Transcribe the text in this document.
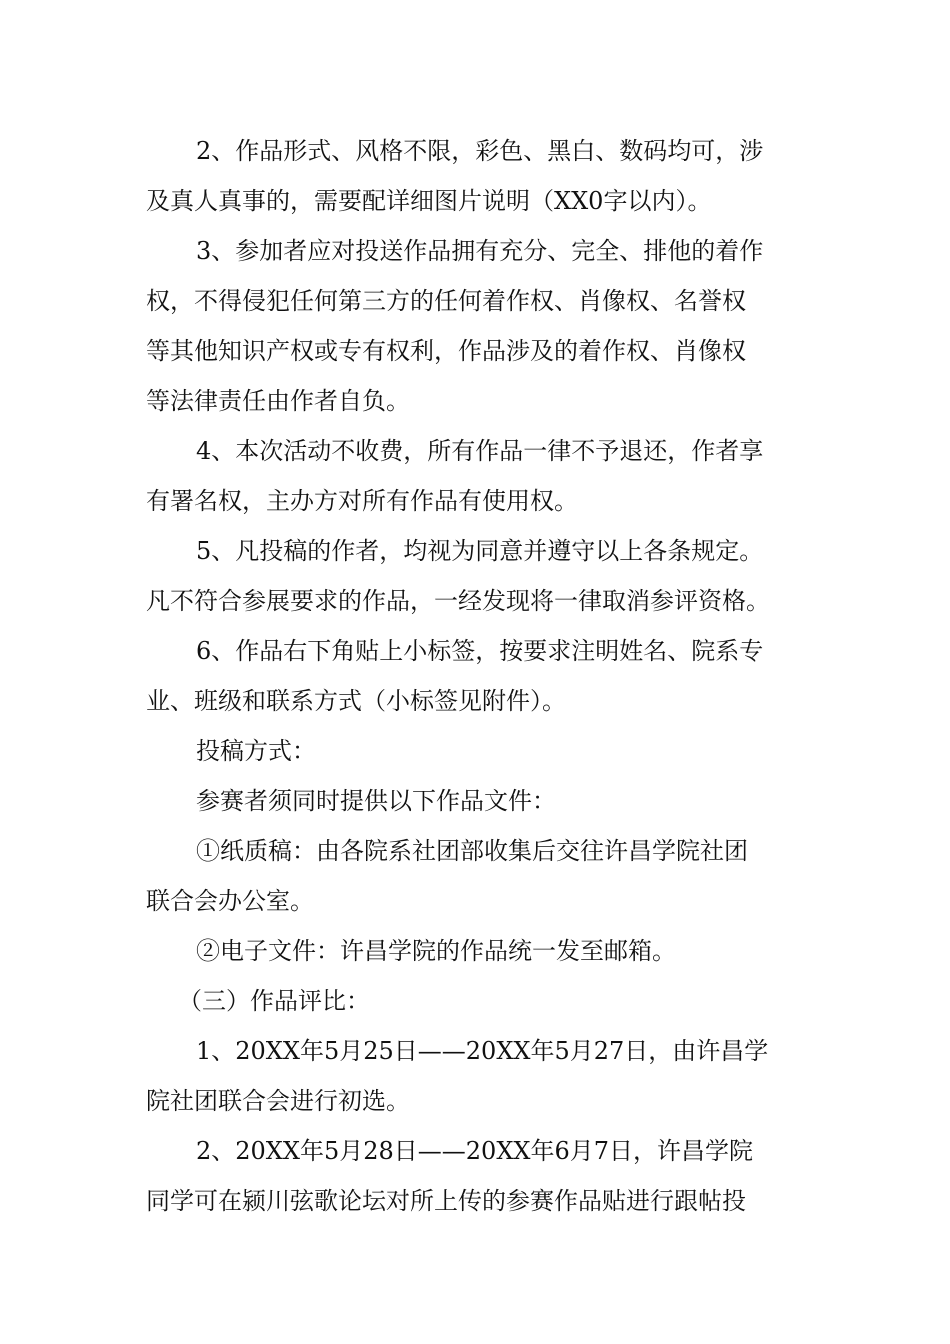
2、作品形式、风格不限，彩色、黑白、数码均可，涉
及真人真事的，需要配详细图片说明（XX0字以内）。
3、参加者应对投送作品拥有充分、完全、排他的着作
权，不得侵犯任何第三方的任何着作权、肖像权、名誉权
等其他知识产权或专有权利，作品涉及的着作权、肖像权
等法律责任由作者自负。
4、本次活动不收费，所有作品一律不予退还，作者享
有署名权，主办方对所有作品有使用权。
5、凡投稿的作者，均视为同意并遵守以上各条规定。
凡不符合参展要求的作品，一经发现将一律取消参评资格。
6、作品右下角贴上小标签，按要求注明姓名、院系专
业、班级和联系方式（小标签见附件）。
投稿方式：
参赛者须同时提供以下作品文件：
①纸质稿：由各院系社团部收集后交往许昌学院社团
联合会办公室。
②电子文件：许昌学院的作品统一发至邮箱。
（三）作品评比：
1、20XX年5月25日——20XX年5月27日，由许昌学
院社团联合会进行初选。
2、20XX年5月28日——20XX年6月7日，许昌学院
同学可在颍川弦歌论坛对所上传的参赛作品贴进行跟帖投
